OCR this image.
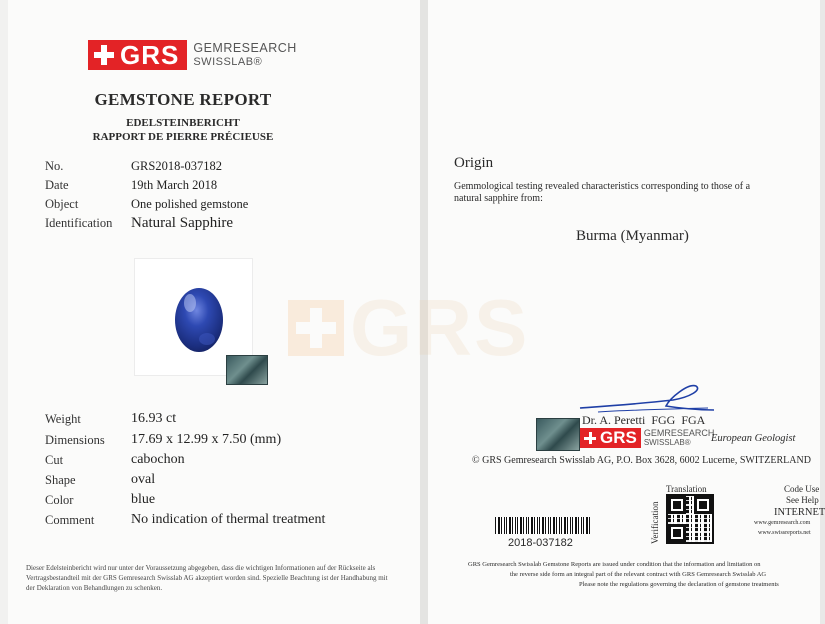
GRS GEMRESEARCH
SWISSLAB®
GEMSTONE REPORT
EDELSTEINBERICHT
RAPPORT DE PIERRE PRÉCIEUSE
No.	GRS2018-037182
Date	19th March 2018
Object	One polished gemstone
Identification Natural Sapphire
Weight	16.93 ct
Dimensions 17.69 x 12.99 x 7.50 (mm)
Cut	cabochon
Shape	oval
Color	blue
Comment	No indication of thermal treatment
Dieser Edelsteinbericht wird nur unter der Voraussetzung abgegeben, dass die wichtigen Informationen auf der Rückseite als Vertragsbestandteil mit der GRS Gemresearch Swisslab AG akzeptiert worden sind. Spezielle Beachtung ist der Handhabung mit der Deklaration von Behandlungen zu schenken.
Origin
Gemmological testing revealed characteristics corresponding to those of a natural sapphire from:
Burma (Myanmar)
Dr. A. Peretti  FGG  FGA
GRS GEMRESEARCH
SWISSLAB®	European Geologist
© GRS Gemresearch Swisslab AG, P.O. Box 3628, 6002 Lucerne, SWITZERLAND
Translation
Verification
Code Use
See Help
INTERNET
www.gemresearch.com
www.swissreports.net
2018-037182
GRS Gemresearch Swisslab Gemstone Reports are issued under condition that the information and limitation on
the reverse side form an integral part of the relevant contract with GRS Gemresearch Swisslab AG
Please note the regulations governing the declaration of gemstone treatments
GRS
